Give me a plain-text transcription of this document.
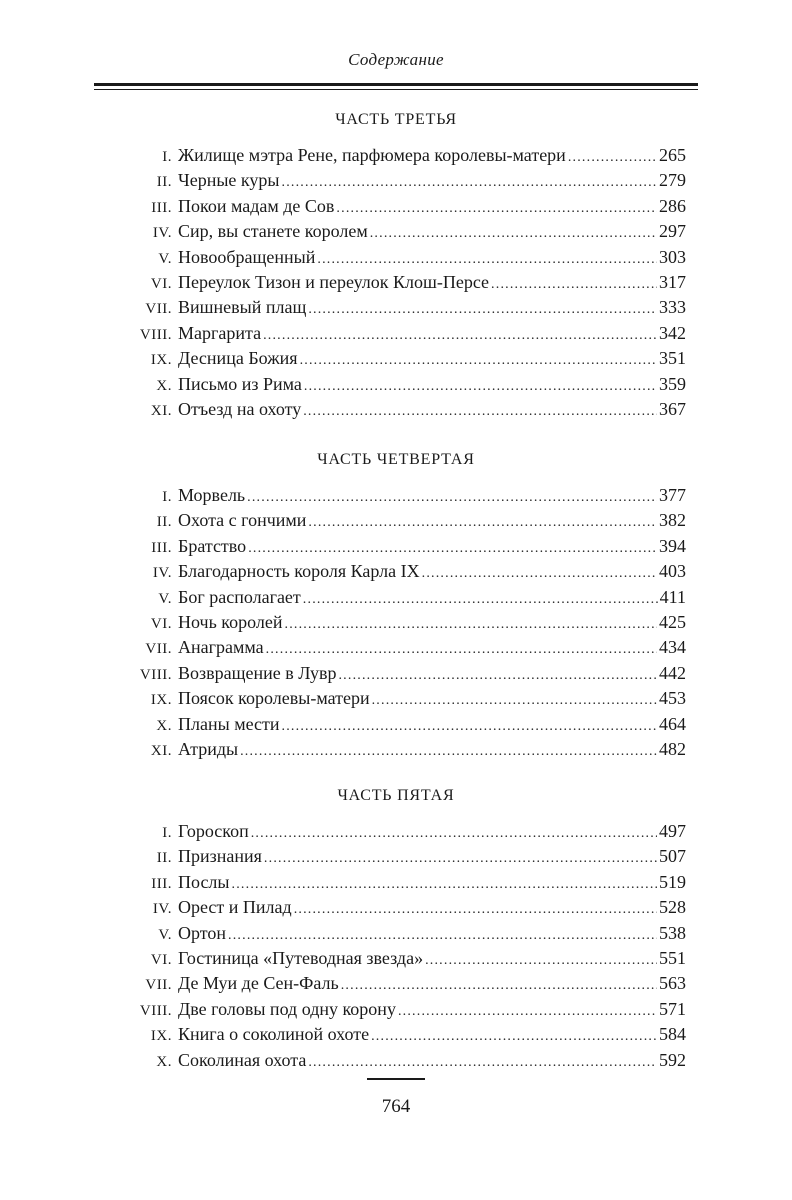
Содержание
ЧАСТЬ ТРЕТЬЯ
I. Жилище мэтра Рене, парфюмера королевы-матери .....	265
II. Черные куры .....	279
III. Покои мадам де Сов .....	286
IV. Сир, вы станете королем .....	297
V. Новообращенный .....	303
VI. Переулок Тизон и переулок Клош-Персе .....	317
VII. Вишневый плащ .....	333
VIII. Маргарита .....	342
IX. Десница Божия .....	351
X. Письмо из Рима .....	359
XI. Отъезд на охоту .....	367
ЧАСТЬ ЧЕТВЕРТАЯ
I. Морвель .....	377
II. Охота с гончими .....	382
III. Братство .....	394
IV. Благодарность короля Карла IX .....	403
V. Бог располагает .....	411
VI. Ночь королей .....	425
VII. Анаграмма .....	434
VIII. Возвращение в Лувр .....	442
IX. Поясок королевы-матери .....	453
X. Планы мести .....	464
XI. Атриды .....	482
ЧАСТЬ ПЯТАЯ
I. Гороскоп .....	497
II. Признания .....	507
III. Послы .....	519
IV. Орест и Пилад .....	528
V. Ортон .....	538
VI. Гостиница «Путеводная звезда» .....	551
VII. Де Муи де Сен-Фаль .....	563
VIII. Две головы под одну корону .....	571
IX. Книга о соколиной охоте .....	584
X. Соколиная охота .....	592
764
